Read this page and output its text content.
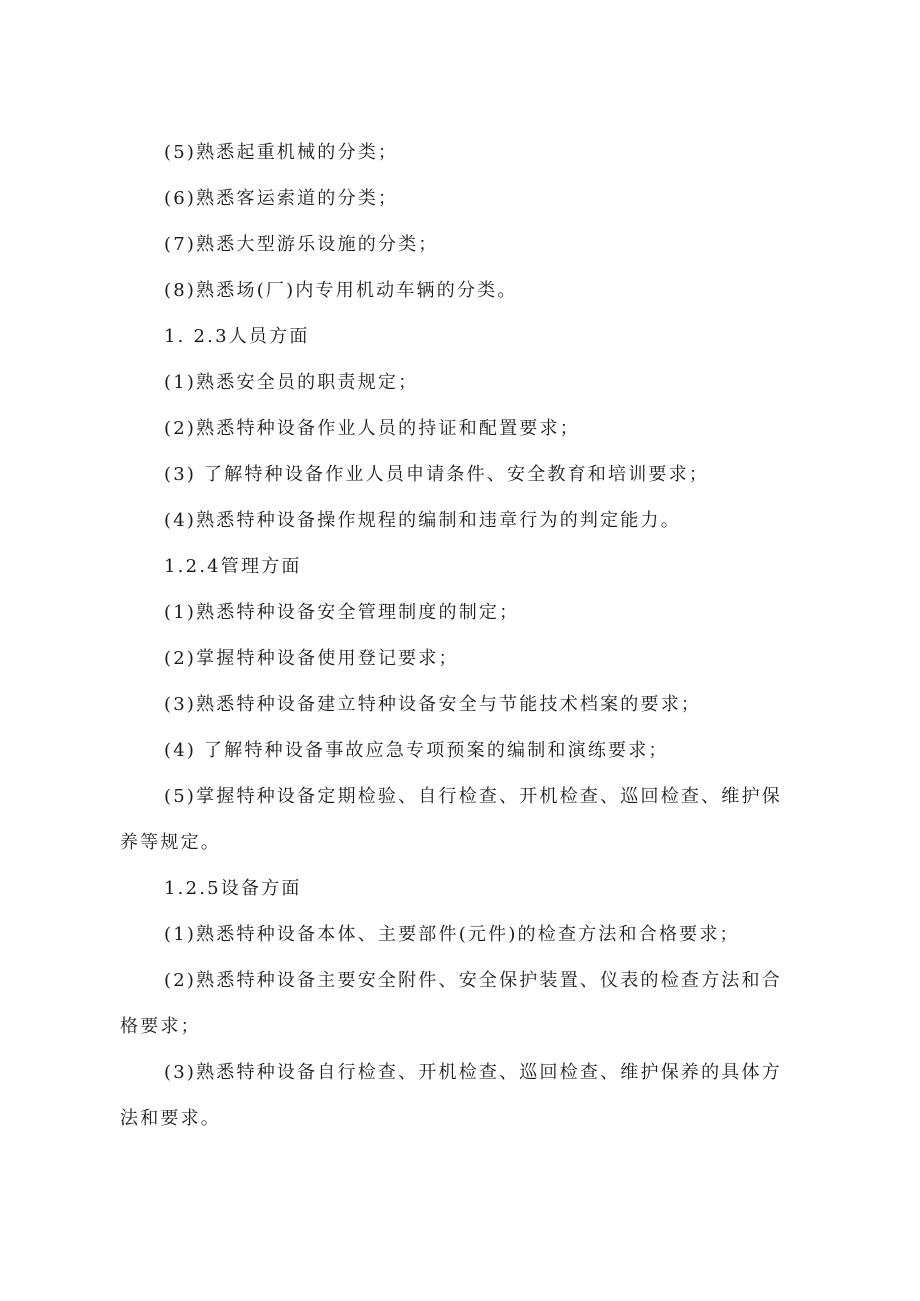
(5)熟悉起重机械的分类；

(6)熟悉客运索道的分类；

(7)熟悉大型游乐设施的分类；

(8)熟悉场(厂)内专用机动车辆的分类。

1. 2.3人员方面

(1)熟悉安全员的职责规定；

(2)熟悉特种设备作业人员的持证和配置要求；

(3) 了解特种设备作业人员申请条件、安全教育和培训要求；

(4)熟悉特种设备操作规程的编制和违章行为的判定能力。

1.2.4管理方面

(1)熟悉特种设备安全管理制度的制定；

(2)掌握特种设备使用登记要求；

(3)熟悉特种设备建立特种设备安全与节能技术档案的要求；

(4) 了解特种设备事故应急专项预案的编制和演练要求；

(5)掌握特种设备定期检验、自行检查、开机检查、巡回检查、维护保养等规定。

1.2.5设备方面

(1)熟悉特种设备本体、主要部件(元件)的检查方法和合格要求；

(2)熟悉特种设备主要安全附件、安全保护装置、仪表的检查方法和合格要求；

(3)熟悉特种设备自行检查、开机检查、巡回检查、维护保养的具体方法和要求。
